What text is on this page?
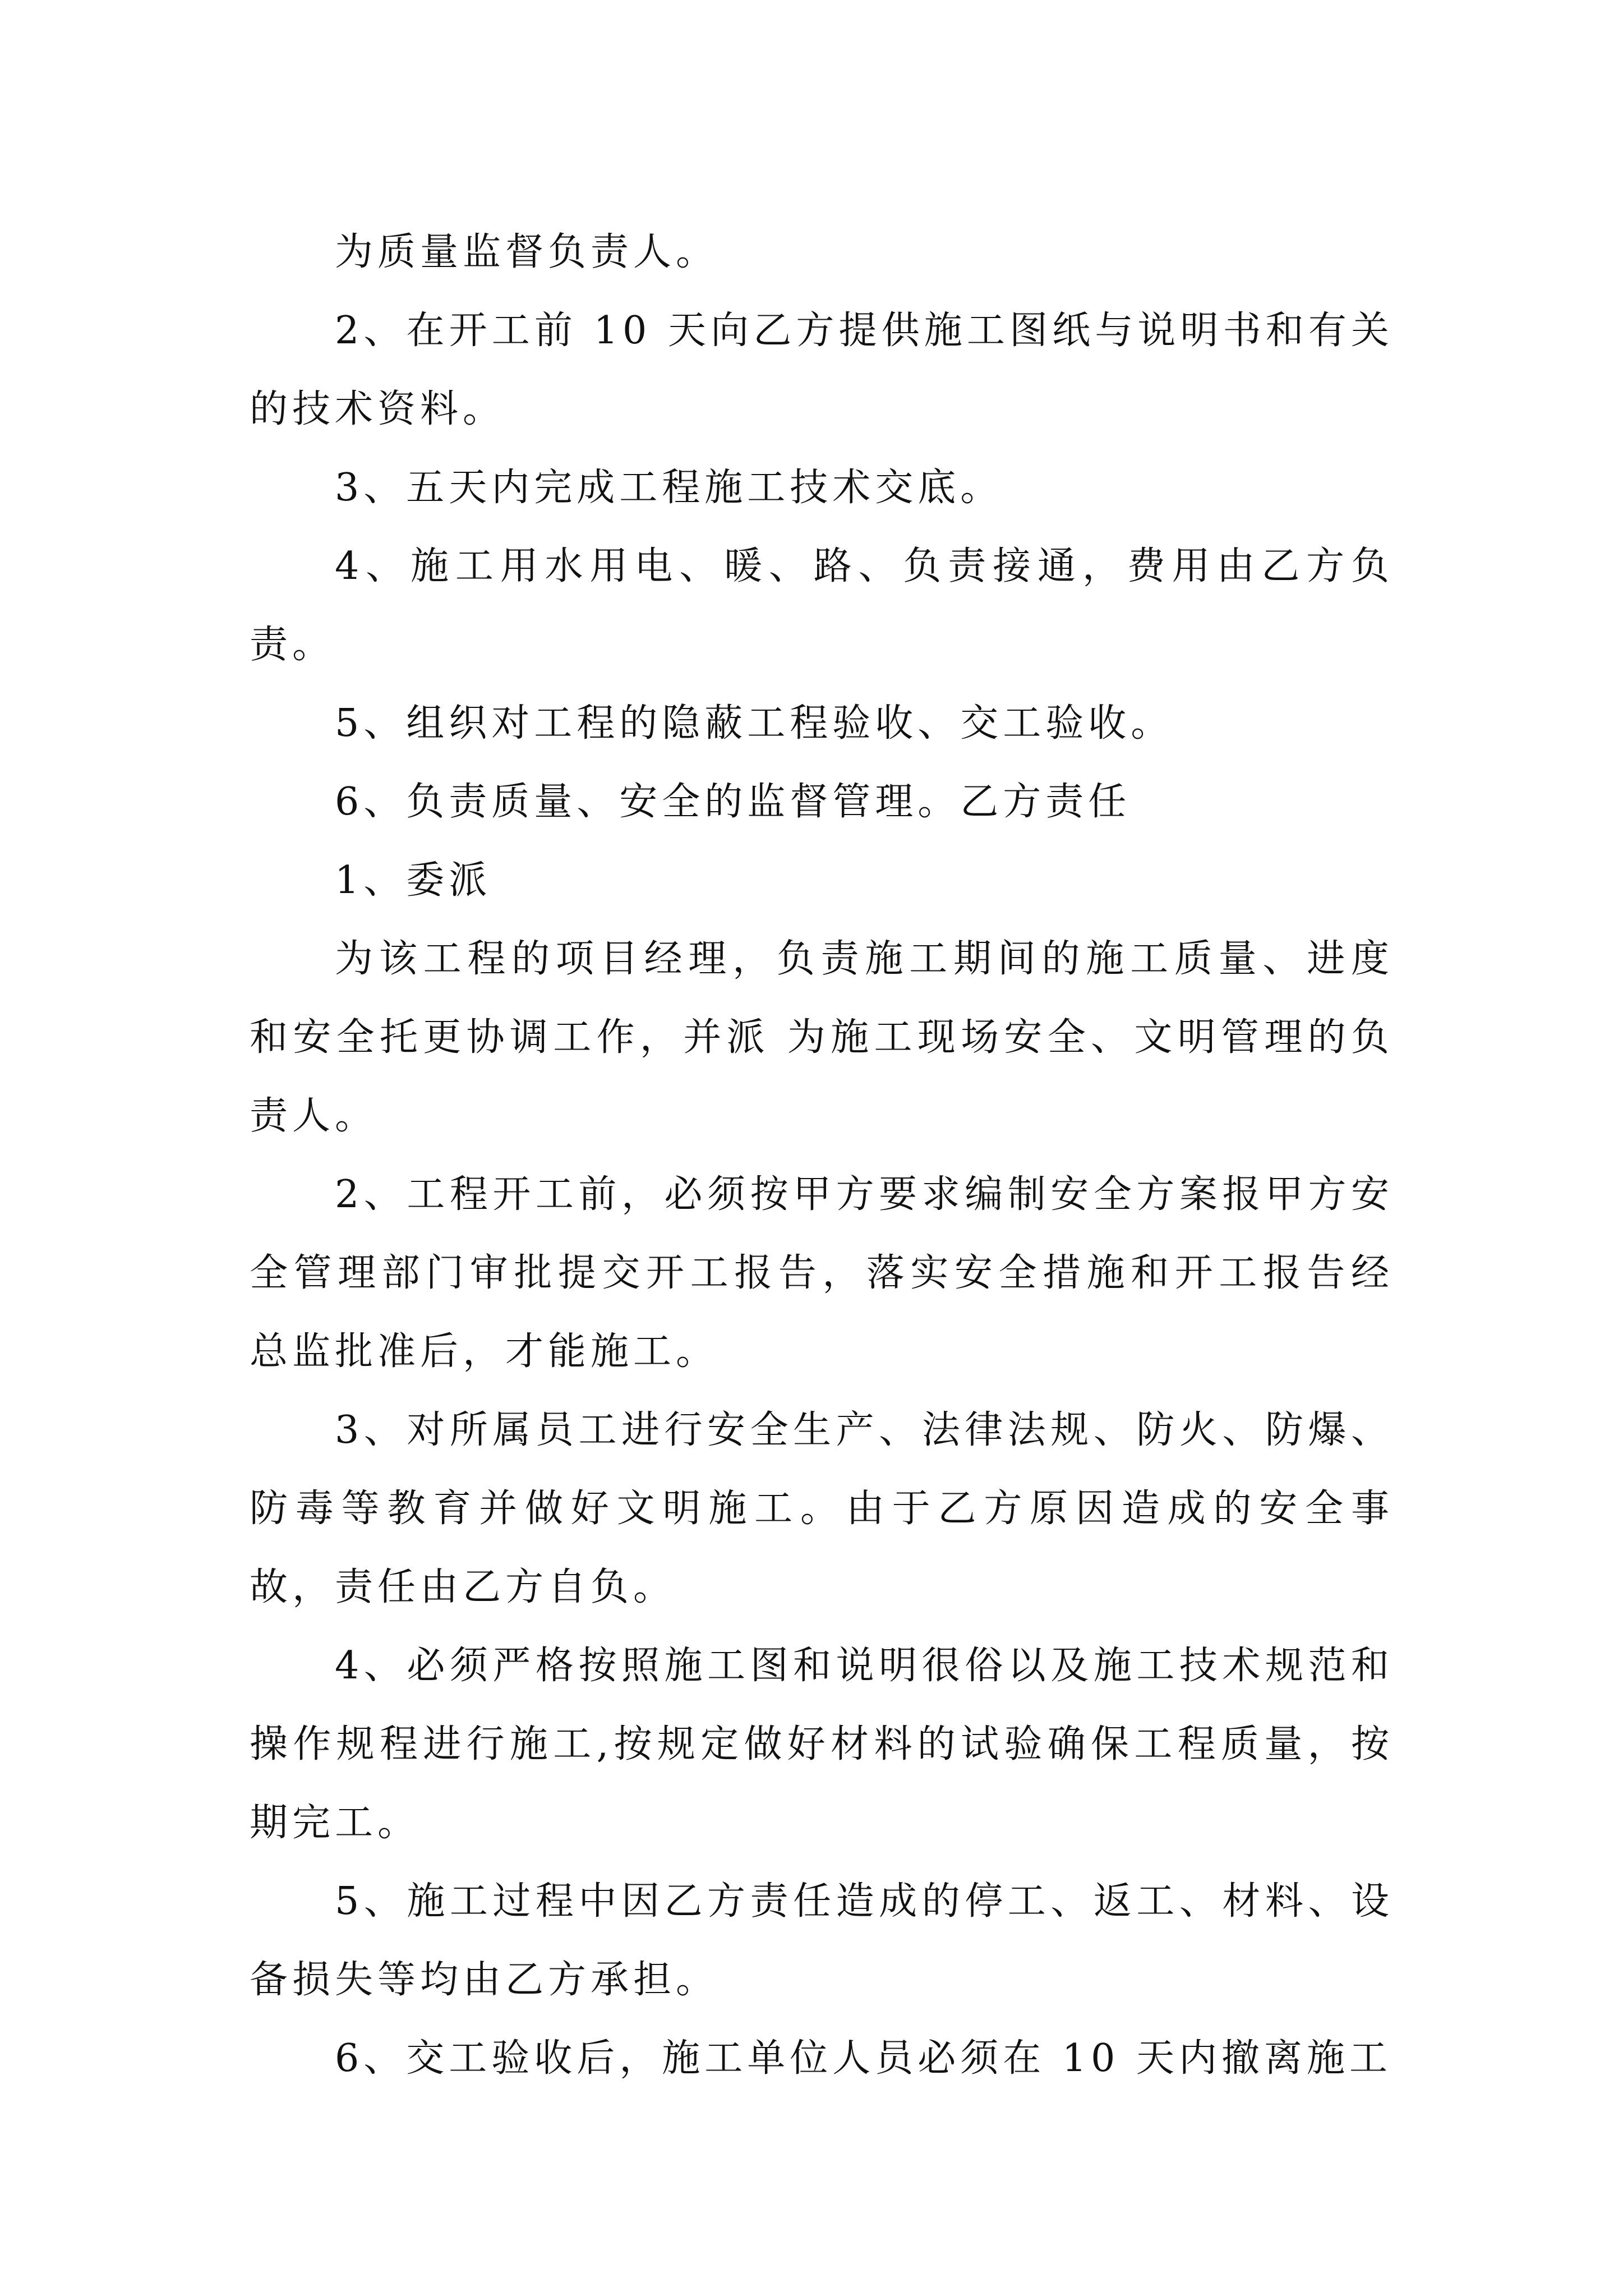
为质量监督负责人。

2、在开工前 10 天向乙方提供施工图纸与说明书和有关的技术资料。

3、五天内完成工程施工技术交底。

4、施工用水用电、暖、路、负责接通，费用由乙方负责。

5、组织对工程的隐蔽工程验收、交工验收。

6、负责质量、安全的监督管理。乙方责任

1、委派

为该工程的项目经理，负责施工期间的施工质量、进度和安全托更协调工作，并派 为施工现场安全、文明管理的负责人。

2、工程开工前，必须按甲方要求编制安全方案报甲方安全管理部门审批提交开工报告，落实安全措施和开工报告经总监批准后，才能施工。

3、对所属员工进行安全生产、法律法规、防火、防爆、防毒等教育并做好文明施工。由于乙方原因造成的安全事故，责任由乙方自负。

4、必须严格按照施工图和说明很俗以及施工技术规范和操作规程进行施工,按规定做好材料的试验确保工程质量，按期完工。

5、施工过程中因乙方责任造成的停工、返工、材料、设备损失等均由乙方承担。

6、交工验收后，施工单位人员必须在 10 天内撤离施工
